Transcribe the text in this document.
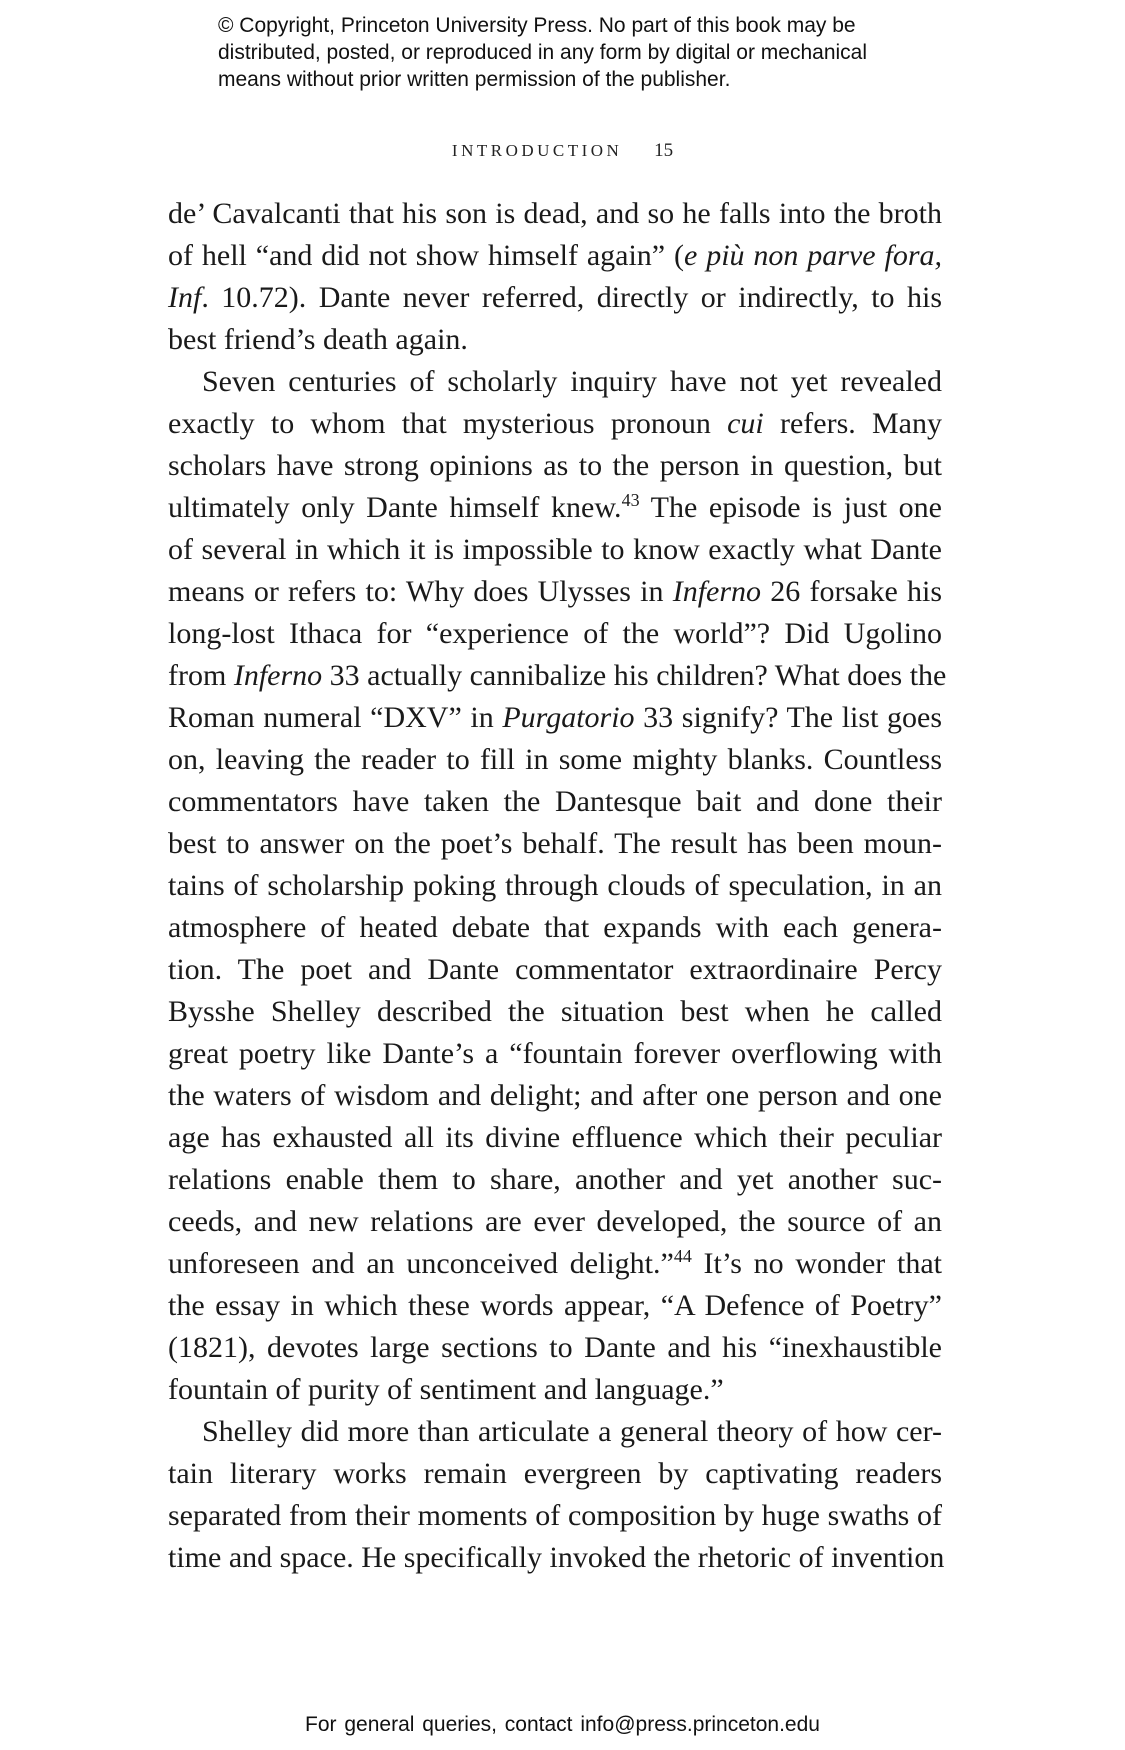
© Copyright, Princeton University Press. No part of this book may be
distributed, posted, or reproduced in any form by digital or mechanical
means without prior written permission of the publisher.
INTRODUCTION 15
de’ Cavalcanti that his son is dead, and so he falls into the broth
of hell “and did not show himself again” (e più non parve fora,
Inf. 10.72). Dante never referred, directly or indirectly, to his
best friend’s death again.
Seven centuries of scholarly inquiry have not yet revealed
exactly to whom that mysterious pronoun cui refers. Many
scholars have strong opinions as to the person in question, but
ultimately only Dante himself knew.$^{43}$ The episode is just one
of several in which it is impossible to know exactly what Dante
means or refers to: Why does Ulysses in Inferno 26 forsake his
long-lost Ithaca for “experience of the world”? Did Ugolino
from Inferno 33 actually cannibalize his children? What does the
Roman numeral “DXV” in Purgatorio 33 signify? The list goes
on, leaving the reader to fill in some mighty blanks. Countless
commentators have taken the Dantesque bait and done their
best to answer on the poet’s behalf. The result has been moun-
tains of scholarship poking through clouds of speculation, in an
atmosphere of heated debate that expands with each genera-
tion. The poet and Dante commentator extraordinaire Percy
Bysshe Shelley described the situation best when he called
great poetry like Dante’s a “fountain forever overflowing with
the waters of wisdom and delight; and after one person and one
age has exhausted all its divine effluence which their peculiar
relations enable them to share, another and yet another suc-
ceeds, and new relations are ever developed, the source of an
unforeseen and an unconceived delight.”$^{44}$ It’s no wonder that
the essay in which these words appear, “A Defence of Poetry”
(1821), devotes large sections to Dante and his “inexhaustible
fountain of purity of sentiment and language.”
Shelley did more than articulate a general theory of how cer-
tain literary works remain evergreen by captivating readers
separated from their moments of composition by huge swaths of
time and space. He specifically invoked the rhetoric of invention
For general queries, contact info@press.princeton.edu
